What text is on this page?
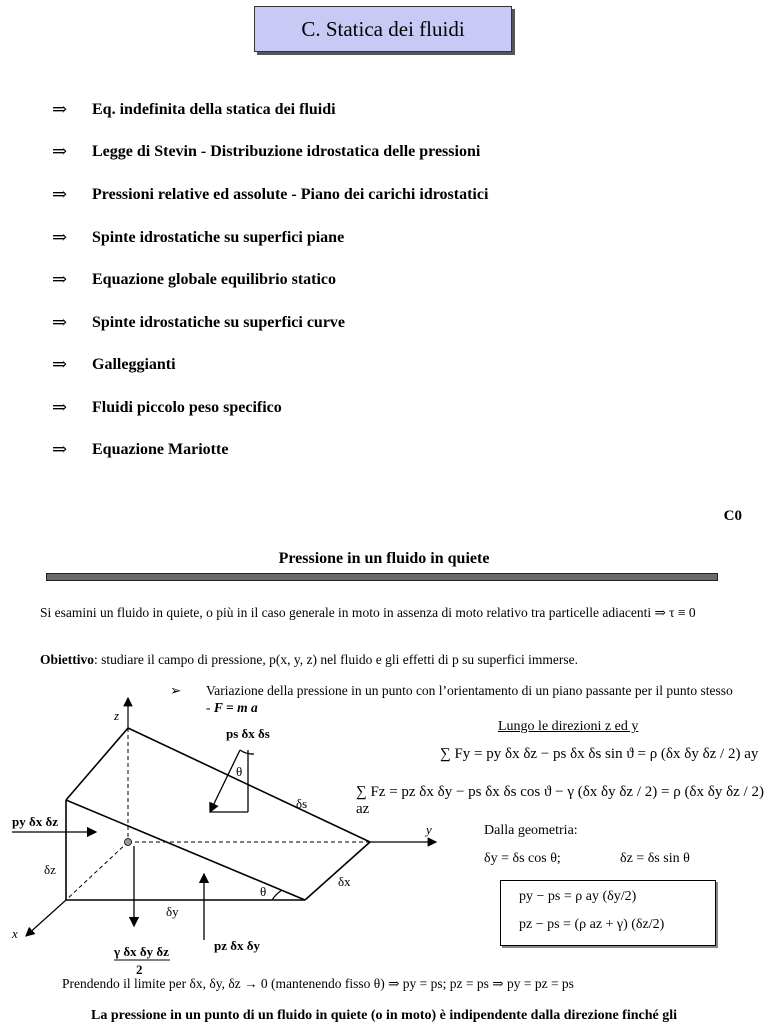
C. Statica dei fluidi
⇒	Eq. indefinita della statica dei fluidi
⇒	Legge di Stevin - Distribuzione idrostatica delle pressioni
⇒	Pressioni relative ed assolute - Piano dei carichi idrostatici
⇒	Spinte idrostatiche su superfici piane
⇒	Equazione globale equilibrio statico
⇒	Spinte idrostatiche su superfici curve
⇒	Galleggianti
⇒	Fluidi piccolo peso specifico
⇒	Equazione Mariotte
C0
Pressione in un fluido in quiete
Si esamini un fluido in quiete, o più in il caso generale in moto in assenza di moto relativo tra particelle adiacenti ⇒ τ ≡ 0
Obiettivo: studiare il campo di pressione, p(x, y, z) nel fluido e gli effetti di p su superfici immerse.
➢ Variazione della pressione in un punto con l’orientamento di un piano passante per il punto stesso - F = m a
z
y
x
ps δx δs
py δx δz
pz δx δy
γ δx δy δz
2
δs
δz
δy
δx
θ
θ
Lungo le direzioni z ed y
∑ Fy = py δx δz − ps δx δs sin ϑ = ρ (δx δy δz / 2) ay
∑ Fz = pz δx δy − ps δx δs cos ϑ − γ (δx δy δz / 2) = ρ (δx δy δz / 2) az
Dalla geometria:
δy = δs cos θ;	δz = δs sin θ
py − ps = ρ ay (δy/2)
pz − ps = (ρ az + γ) (δz/2)
Prendendo il limite per δx, δy, δz → 0 (mantenendo fisso θ) ⇒ py = ps; pz = ps ⇒ py = pz = ps
La pressione in un punto di un fluido in quiete (o in moto) è indipendente dalla direzione finché gli
